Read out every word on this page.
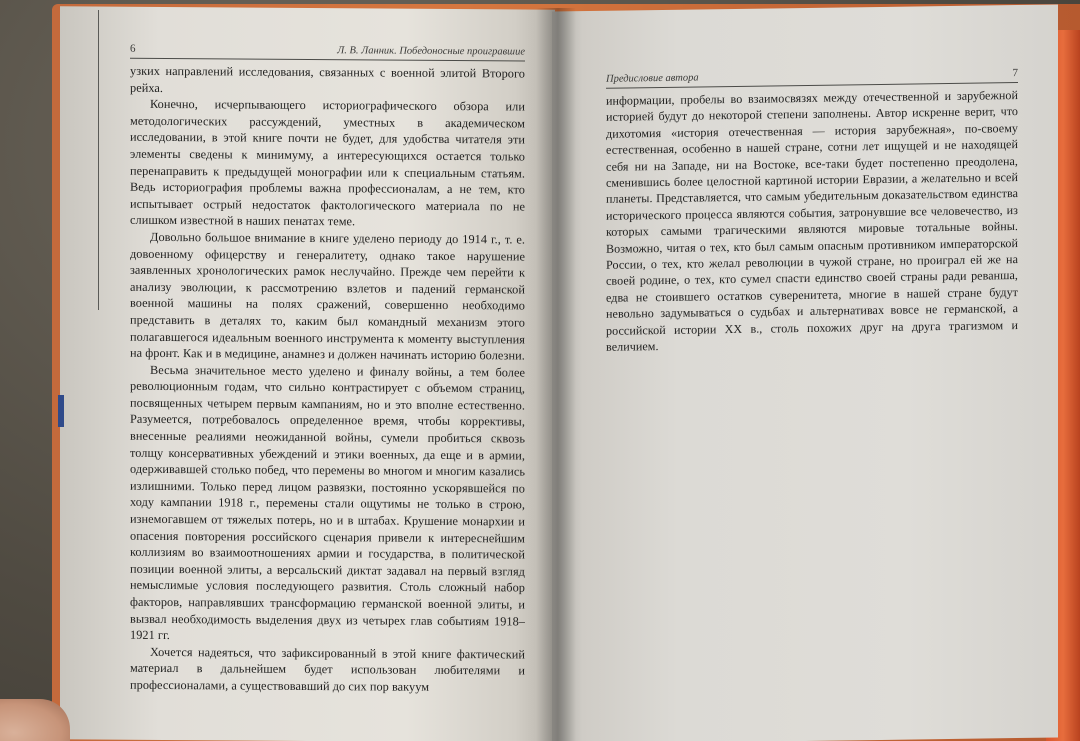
6	Л. В. Ланник. Победоносные проигравшие

узких направлений исследования, связанных с военной элитой Второго рейха.

Конечно, исчерпывающего историографического обзора или методологических рассуждений, уместных в академическом исследовании, в этой книге почти не будет, для удобства читателя эти элементы сведены к минимуму, а интересующихся остается только перенаправить к предыдущей монографии или к специальным статьям. Ведь историография проблемы важна профессионалам, а не тем, кто испытывает острый недостаток фактологического материала по не слишком известной в наших пенатах теме.

Довольно большое внимание в книге уделено периоду до 1914 г., т. е. довоенному офицерству и генералитету, однако такое нарушение заявленных хронологических рамок неслучайно. Прежде чем перейти к анализу эволюции, к рассмотрению взлетов и падений германской военной машины на полях сражений, совершенно необходимо представить в деталях то, каким был командный механизм этого полагавшегося идеальным военного инструмента к моменту выступления на фронт. Как и в медицине, анамнез и должен начинать историю болезни.

Весьма значительное место уделено и финалу войны, а тем более революционным годам, что сильно контрастирует с объемом страниц, посвященных четырем первым кампаниям, но и это вполне естественно. Разумеется, потребовалось определенное время, чтобы коррективы, внесенные реалиями неожиданной войны, сумели пробиться сквозь толщу консервативных убеждений и этики военных, да еще и в армии, одерживавшей столько побед, что перемены во многом и многим казались излишними. Только перед лицом развязки, постоянно ускорявшейся по ходу кампании 1918 г., перемены стали ощутимы не только в строю, изнемогавшем от тяжелых потерь, но и в штабах. Крушение монархии и опасения повторения российского сценария привели к интереснейшим коллизиям во взаимоотношениях армии и государства, в политической позиции военной элиты, а версальский диктат задавал на первый взгляд немыслимые условия последующего развития. Столь сложный набор факторов, направлявших трансформацию германской военной элиты, и вызвал необходимость выделения двух из четырех глав событиям 1918–1921 гг.

Хочется надеяться, что зафиксированный в этой книге фактический материал в дальнейшем будет использован любителями и профессионалами, а существовавший до сих пор вакуум

Предисловие автора	7

информации, пробелы во взаимосвязях между отечественной и зарубежной историей будут до некоторой степени заполнены. Автор искренне верит, что дихотомия «история отечественная — история зарубежная», по-своему естественная, особенно в нашей стране, сотни лет ищущей и не находящей себя ни на Западе, ни на Востоке, все-таки будет постепенно преодолена, сменившись более целостной картиной истории Евразии, а желательно и всей планеты. Представляется, что самым убедительным доказательством единства исторического процесса являются события, затронувшие все человечество, из которых самыми трагическими являются мировые тотальные войны. Возможно, читая о тех, кто был самым опасным противником императорской России, о тех, кто желал революции в чужой стране, но проиграл ей же на своей родине, о тех, кто сумел спасти единство своей страны ради реванша, едва не стоившего остатков суверенитета, многие в нашей стране будут невольно задумываться о судьбах и альтернативах вовсе не германской, а российской истории XX в., столь похожих друг на друга трагизмом и величием.
